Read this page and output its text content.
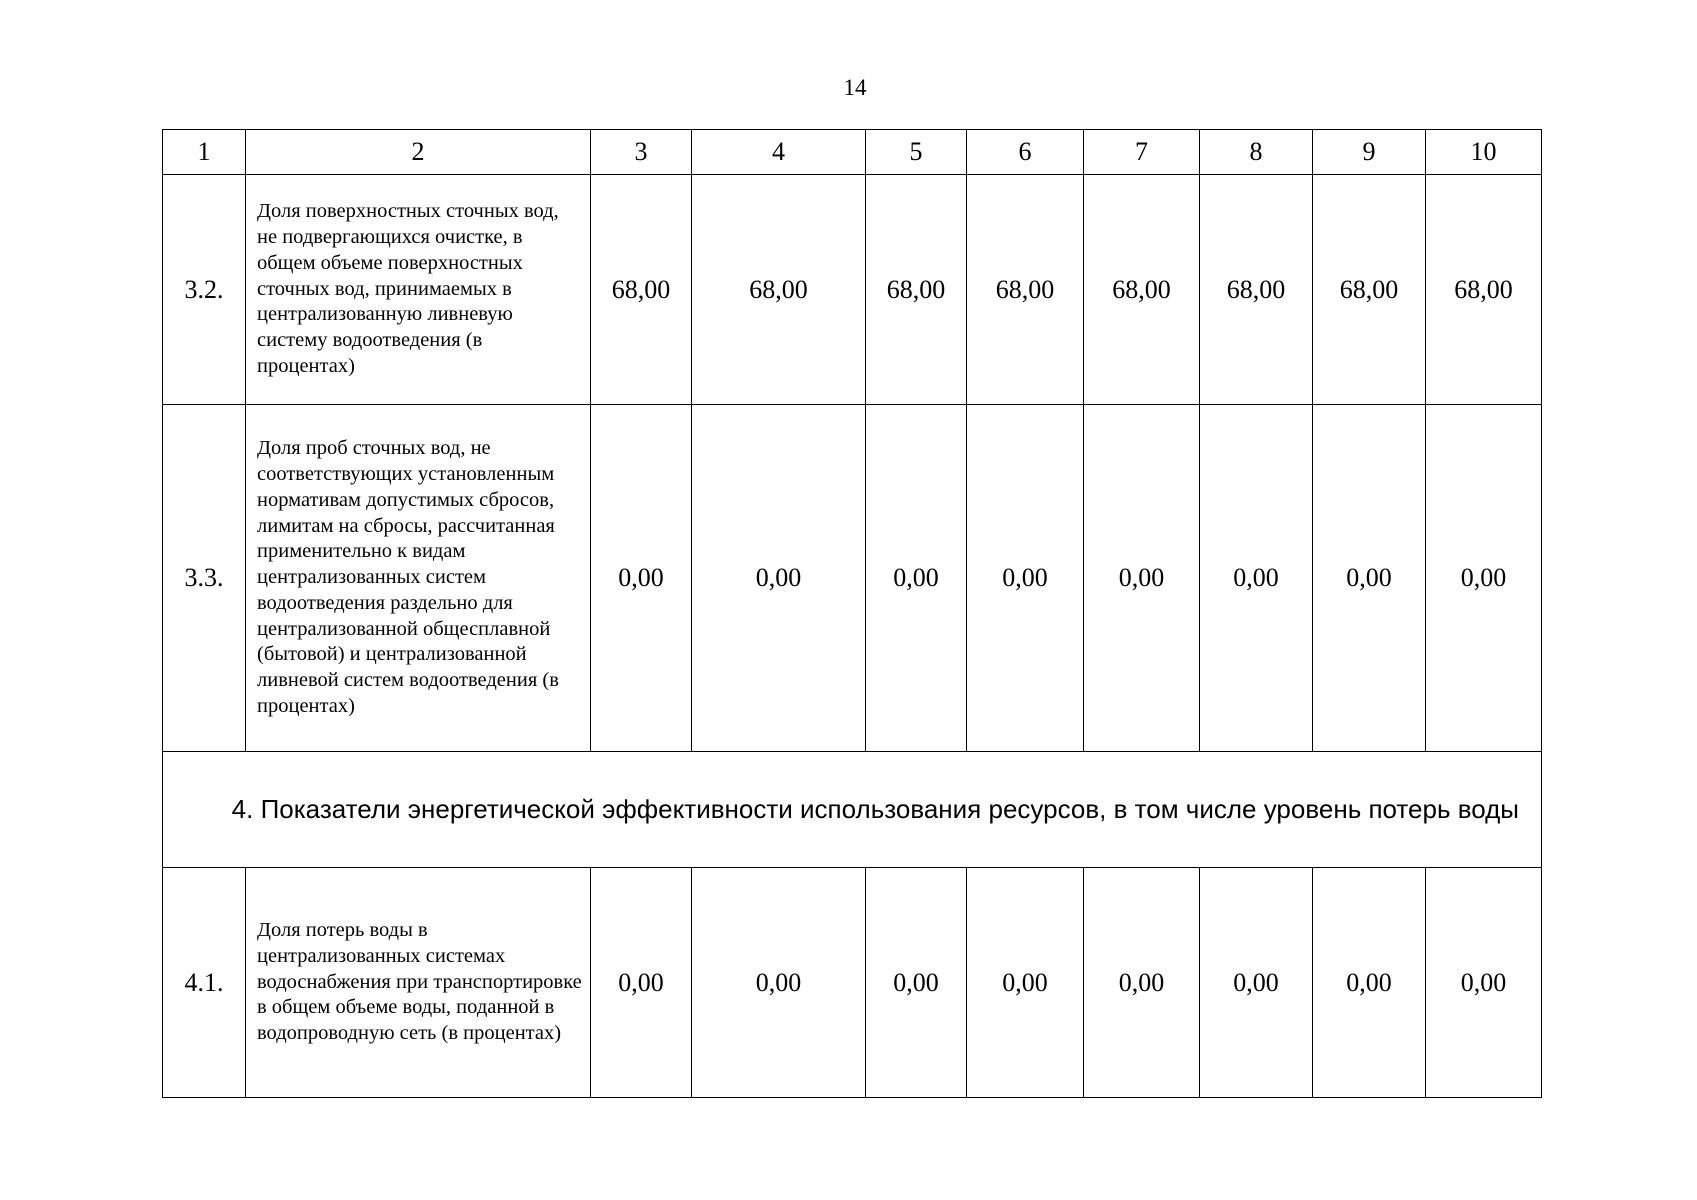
14
1	2	3	4	5	6	7	8	9	10
3.2.	Доля поверхностных сточных вод, не подвергающихся очистке, в общем объеме поверхностных сточных вод, принимаемых в централизованную ливневую систему водоотведения (в процентах)	68,00	68,00	68,00	68,00	68,00	68,00	68,00	68,00
3.3.	Доля проб сточных вод, не соответствующих установленным нормативам допустимых сбросов, лимитам на сбросы, рассчитанная применительно к видам централизованных систем водоотведения раздельно для централизованной общесплавной (бытовой) и централизованной ливневой систем водоотведения (в процентах)	0,00	0,00	0,00	0,00	0,00	0,00	0,00	0,00
4. Показатели энергетической эффективности использования ресурсов, в том числе уровень потерь воды									
4.1.	Доля потерь воды в централизованных системах водоснабжения при транспортировке в общем объеме воды, поданной в водопроводную сеть (в процентах)	0,00	0,00	0,00	0,00	0,00	0,00	0,00	0,00
